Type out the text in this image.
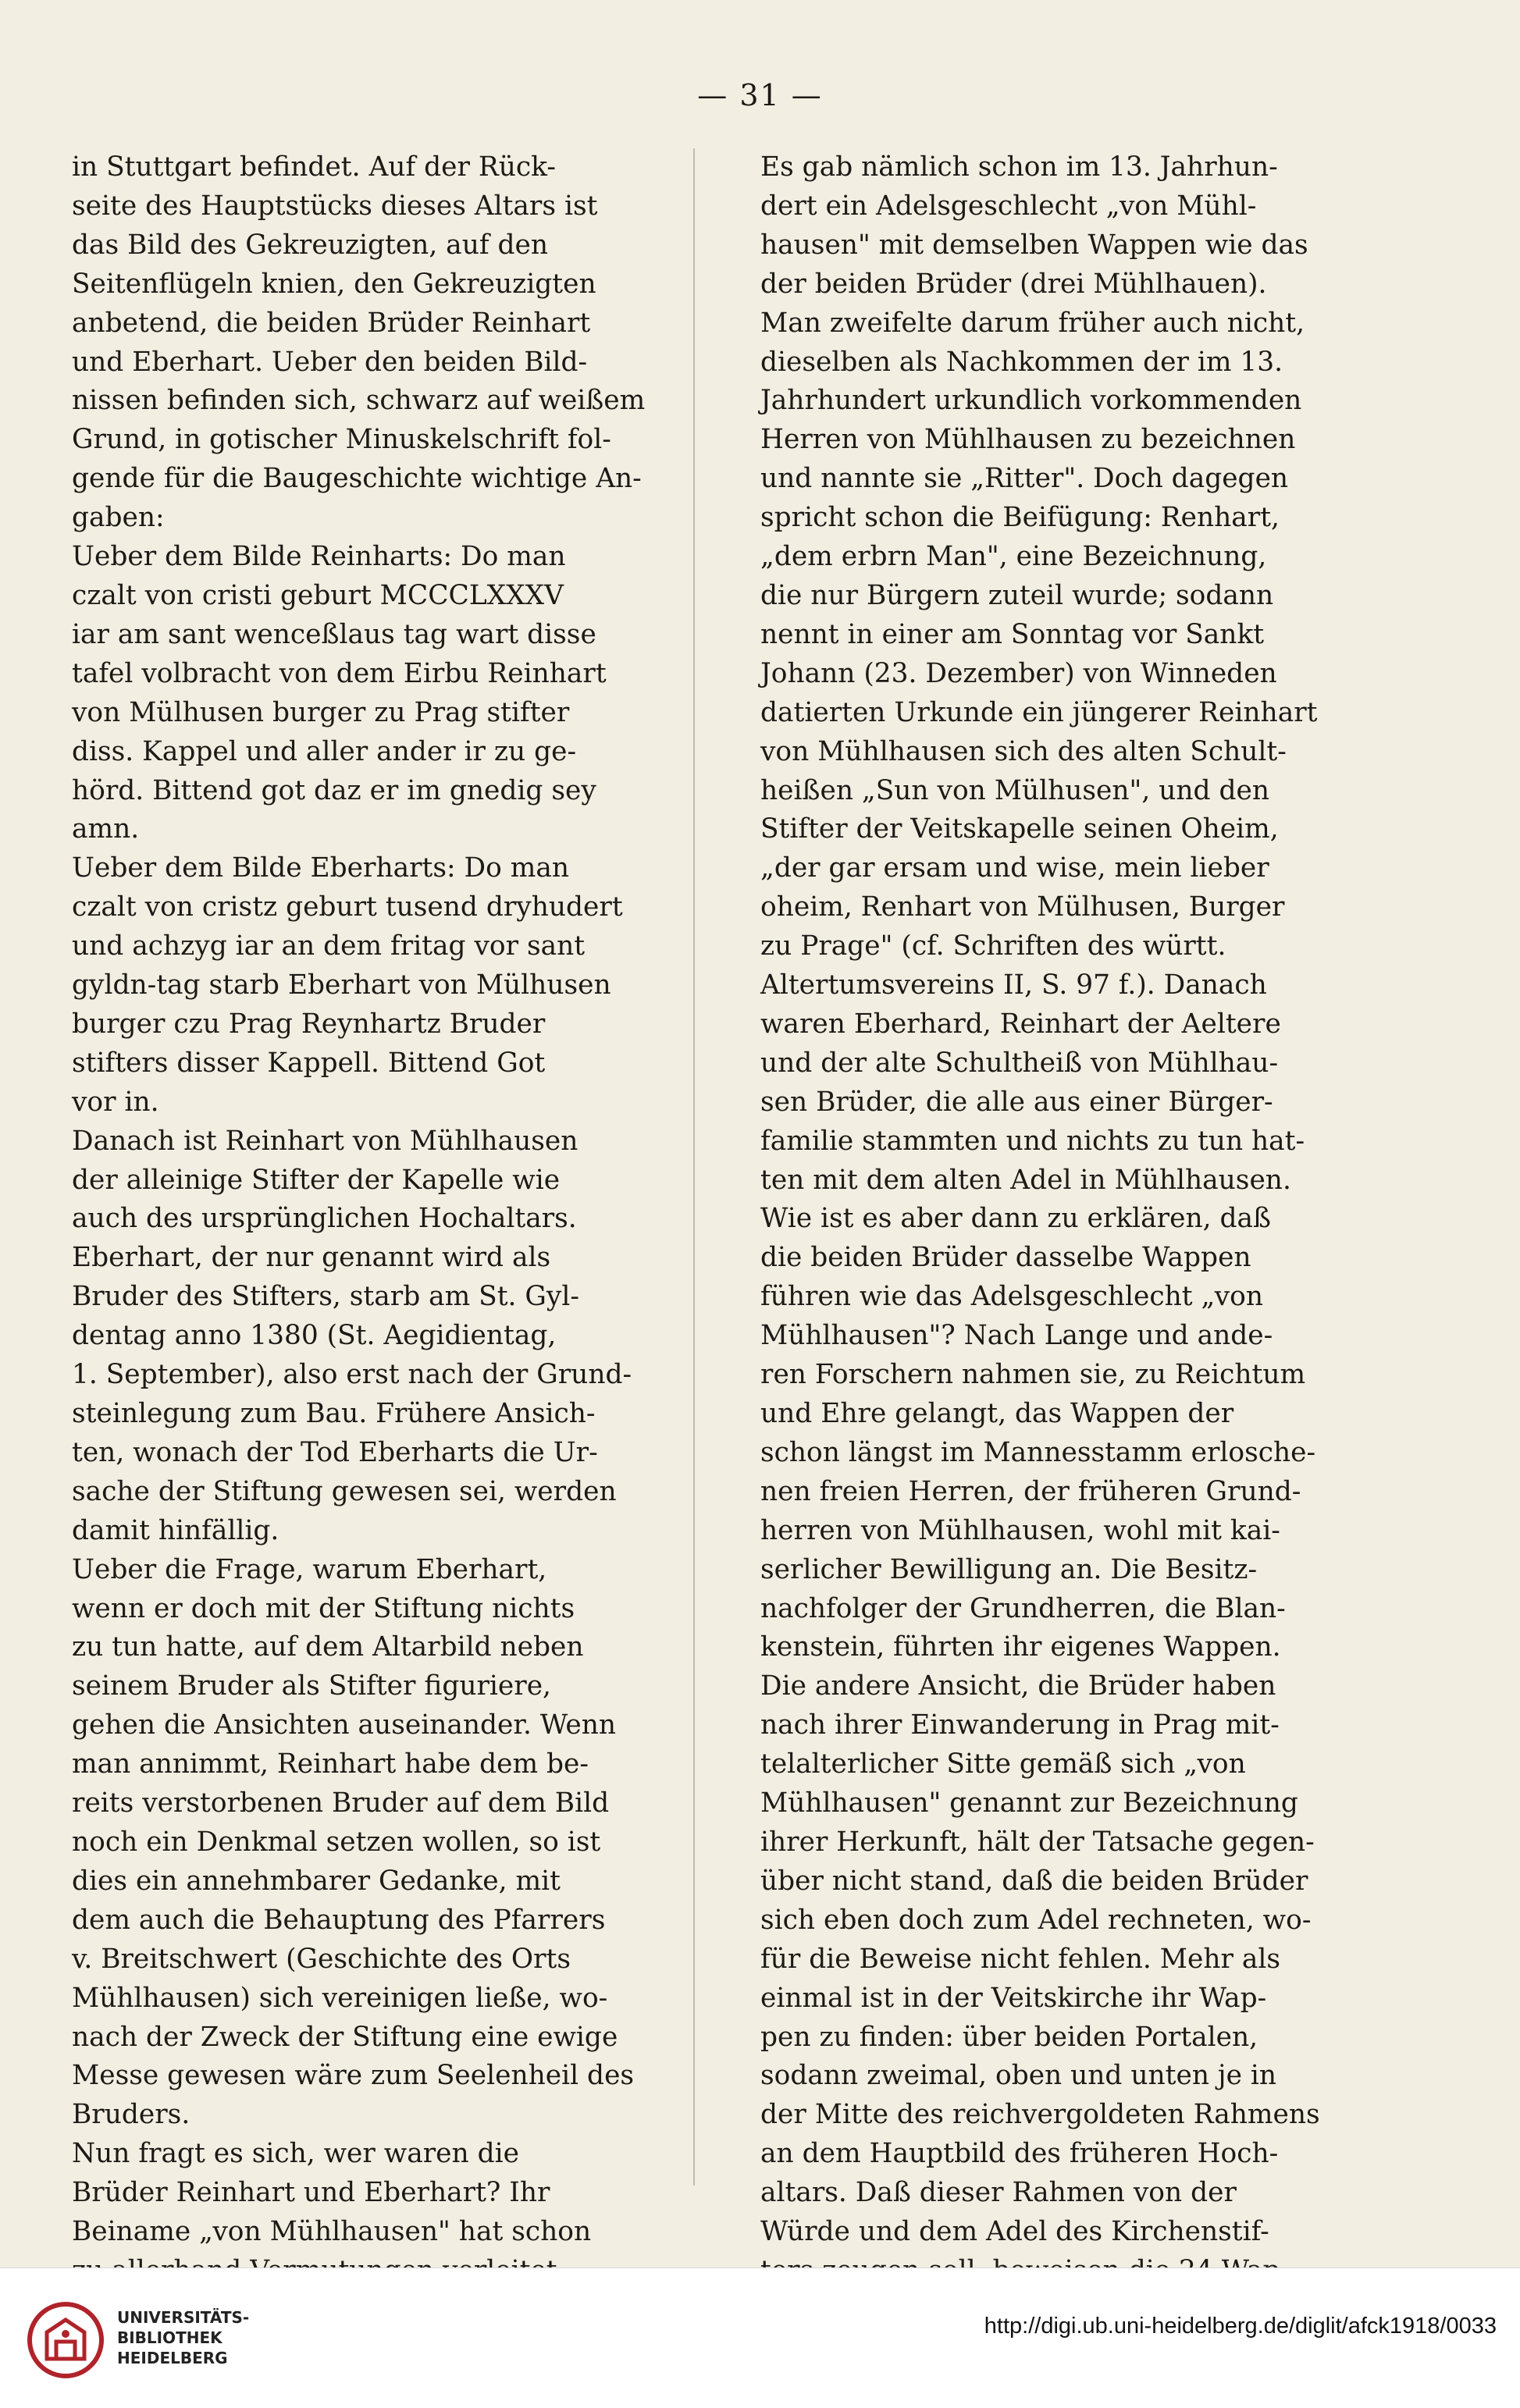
— 31 —

in Stuttgart befindet. Auf der Rück-
seite des Hauptstücks dieses Altars ist
das Bild des Gekreuzigten, auf den
Seitenflügeln knien, den Gekreuzigten
anbetend, die beiden Brüder Reinhart
und Eberhart. Ueber den beiden Bild-
nissen befinden sich, schwarz auf weißem
Grund, in gotischer Minuskelschrift fol-
gende für die Baugeschichte wichtige An-
gaben:

Ueber dem Bilde Reinharts: Do man
czalt von cristi geburt MCCCLXXXV
iar am sant wenceßlaus tag wart disse
tafel volbracht von dem Eirbu Reinhart
von Mülhusen burger zu Prag stifter
diss. Kappel und aller ander ir zu ge-
hörd. Bittend got daz er im gnedig sey
amn.

Ueber dem Bilde Eberharts: Do man
czalt von cristz geburt tusend dryhudert
und achzyg iar an dem fritag vor sant
gyldn-tag starb Eberhart von Mülhusen
burger czu Prag Reynhartz Bruder
stifters disser Kappell. Bittend Got
vor in.

Danach ist Reinhart von Mühlhausen
der alleinige Stifter der Kapelle wie
auch des ursprünglichen Hochaltars.
Eberhart, der nur genannt wird als
Bruder des Stifters, starb am St. Gyl-
dentag anno 1380 (St. Aegidientag,
1. September), also erst nach der Grund-
steinlegung zum Bau. Frühere Ansich-
ten, wonach der Tod Eberharts die Ur-
sache der Stiftung gewesen sei, werden
damit hinfällig.

Ueber die Frage, warum Eberhart,
wenn er doch mit der Stiftung nichts
zu tun hatte, auf dem Altarbild neben
seinem Bruder als Stifter figuriere,
gehen die Ansichten auseinander. Wenn
man annimmt, Reinhart habe dem be-
reits verstorbenen Bruder auf dem Bild
noch ein Denkmal setzen wollen, so ist
dies ein annehmbarer Gedanke, mit
dem auch die Behauptung des Pfarrers
v. Breitschwert (Geschichte des Orts
Mühlhausen) sich vereinigen ließe, wo-
nach der Zweck der Stiftung eine ewige
Messe gewesen wäre zum Seelenheil des
Bruders.

Nun fragt es sich, wer waren die
Brüder Reinhart und Eberhart? Ihr
Beiname „von Mühlhausen" hat schon

Es gab nämlich schon im 13. Jahrhun-
dert ein Adelsgeschlecht „von Mühl-
hausen" mit demselben Wappen wie das
der beiden Brüder (drei Mühlhauen).
Man zweifelte darum früher auch nicht,
dieselben als Nachkommen der im 13.
Jahrhundert urkundlich vorkommenden
Herren von Mühlhausen zu bezeichnen
und nannte sie „Ritter". Doch dagegen
spricht schon die Beifügung: Renhart,
„dem erbrn Man", eine Bezeichnung,
die nur Bürgern zuteil wurde; sodann
nennt in einer am Sonntag vor Sankt
Johann (23. Dezember) von Winneden
datierten Urkunde ein jüngerer Reinhart
von Mühlhausen sich des alten Schult-
heißen „Sun von Mülhusen", und den
Stifter der Veitskapelle seinen Oheim,
„der gar ersam und wise, mein lieber
oheim, Renhart von Mülhusen, Burger
zu Prage" (cf. Schriften des württ.
Altertumsvereins II, S. 97 f.). Danach
waren Eberhard, Reinhart der Aeltere
und der alte Schultheiß von Mühlhau-
sen Brüder, die alle aus einer Bürger-
familie stammten und nichts zu tun hat-
ten mit dem alten Adel in Mühlhausen.
Wie ist es aber dann zu erklären, daß
die beiden Brüder dasselbe Wappen
führen wie das Adelsgeschlecht „von
Mühlhausen"? Nach Lange und ande-
ren Forschern nahmen sie, zu Reichtum
und Ehre gelangt, das Wappen der
schon längst im Mannesstamm erlosche-
nen freien Herren, der früheren Grund-
herren von Mühlhausen, wohl mit kai-
serlicher Bewilligung an. Die Besitz-
nachfolger der Grundherren, die Blan-
kenstein, führten ihr eigenes Wappen.
Die andere Ansicht, die Brüder haben
nach ihrer Einwanderung in Prag mit-
telalterlicher Sitte gemäß sich „von
Mühlhausen" genannt zur Bezeichnung
ihrer Herkunft, hält der Tatsache gegen-
über nicht stand, daß die beiden Brüder
sich eben doch zum Adel rechneten, wo-
für die Beweise nicht fehlen. Mehr als
einmal ist in der Veitskirche ihr Wap-
pen zu finden: über beiden Portalen,
sodann zweimal, oben und unten je in
der Mitte des reichvergoldeten Rahmens
an dem Hauptbild des früheren Hoch-
altars. Daß dieser Rahmen von der
Würde und dem Adel des Kirchenstif-

UNIVERSITÄTS-
BIBLIOTHEK
HEIDELBERG
http://digi.ub.uni-heidelberg.de/diglit/afck1918/0033
